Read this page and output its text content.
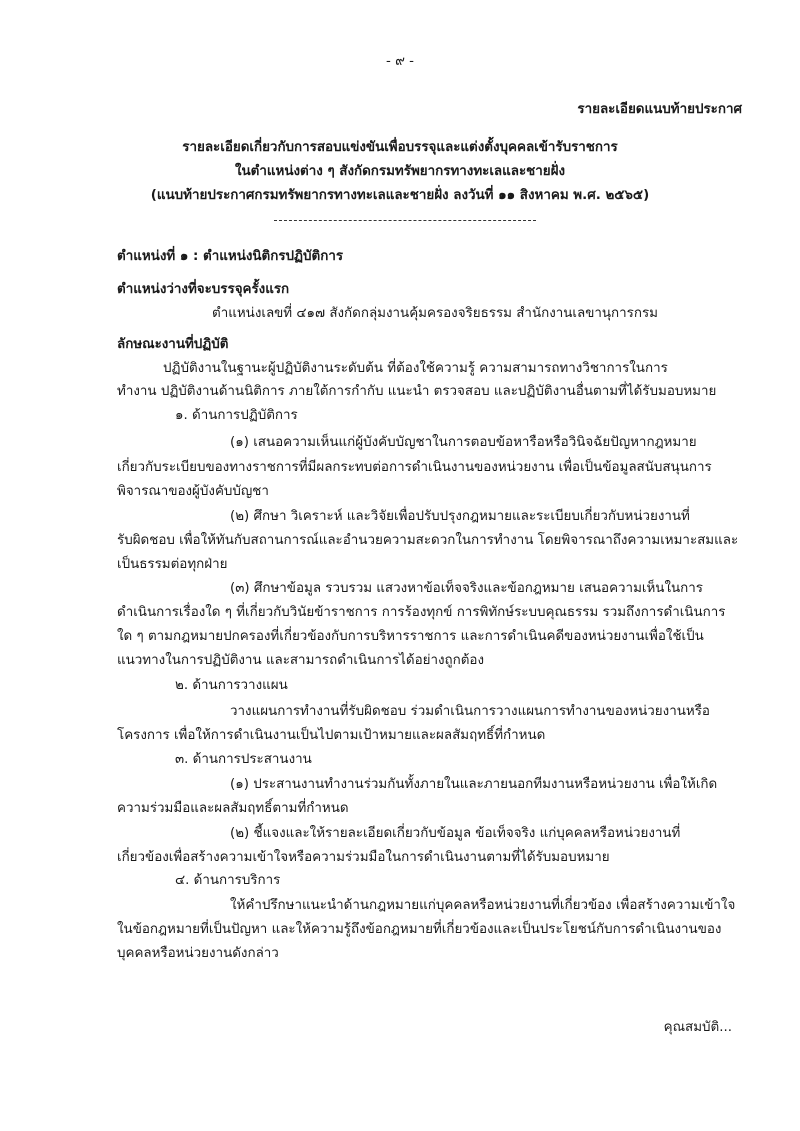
- ๙ -
รายละเอียดแนบท้ายประกาศ
รายละเอียดเกี่ยวกับการสอบแข่งขันเพื่อบรรจุและแต่งตั้งบุคคลเข้ารับราชการ
ในตำแหน่งต่าง ๆ สังกัดกรมทรัพยากรทางทะเลและชายฝั่ง
(แนบท้ายประกาศกรมทรัพยากรทางทะเลและชายฝั่ง ลงวันที่ ๑๑ สิงหาคม พ.ศ. ๒๕๖๕)
ตำแหน่งที่ ๑ : ตำแหน่งนิติกรปฏิบัติการ
ตำแหน่งว่างที่จะบรรจุครั้งแรก
ตำแหน่งเลขที่ ๔๑๗ สังกัดกลุ่มงานคุ้มครองจริยธรรม สำนักงานเลขานุการกรม
ลักษณะงานที่ปฏิบัติ
ปฏิบัติงานในฐานะผู้ปฏิบัติงานระดับต้น ที่ต้องใช้ความรู้ ความสามารถทางวิชาการในการ
ทำงาน ปฏิบัติงานด้านนิติการ ภายใต้การกำกับ แนะนำ ตรวจสอบ และปฏิบัติงานอื่นตามที่ได้รับมอบหมาย
๑. ด้านการปฏิบัติการ
(๑) เสนอความเห็นแก่ผู้บังคับบัญชาในการตอบข้อหารือหรือวินิจฉัยปัญหากฎหมาย
เกี่ยวกับระเบียบของทางราชการที่มีผลกระทบต่อการดำเนินงานของหน่วยงาน เพื่อเป็นข้อมูลสนับสนุนการ
พิจารณาของผู้บังคับบัญชา
(๒) ศึกษา วิเคราะห์ และวิจัยเพื่อปรับปรุงกฎหมายและระเบียบเกี่ยวกับหน่วยงานที่
รับผิดชอบ เพื่อให้ทันกับสถานการณ์และอำนวยความสะดวกในการทำงาน โดยพิจารณาถึงความเหมาะสมและ
เป็นธรรมต่อทุกฝ่าย
(๓) ศึกษาข้อมูล รวบรวม แสวงหาข้อเท็จจริงและข้อกฎหมาย เสนอความเห็นในการ
ดำเนินการเรื่องใด ๆ ที่เกี่ยวกับวินัยข้าราชการ การร้องทุกข์ การพิทักษ์ระบบคุณธรรม รวมถึงการดำเนินการ
ใด ๆ ตามกฎหมายปกครองที่เกี่ยวข้องกับการบริหารราชการ และการดำเนินคดีของหน่วยงานเพื่อใช้เป็น
แนวทางในการปฏิบัติงาน และสามารถดำเนินการได้อย่างถูกต้อง
๒. ด้านการวางแผน
วางแผนการทำงานที่รับผิดชอบ ร่วมดำเนินการวางแผนการทำงานของหน่วยงานหรือ
โครงการ เพื่อให้การดำเนินงานเป็นไปตามเป้าหมายและผลสัมฤทธิ์ที่กำหนด
๓. ด้านการประสานงาน
(๑) ประสานงานทำงานร่วมกันทั้งภายในและภายนอกทีมงานหรือหน่วยงาน เพื่อให้เกิด
ความร่วมมือและผลสัมฤทธิ์ตามที่กำหนด
(๒) ชี้แจงและให้รายละเอียดเกี่ยวกับข้อมูล ข้อเท็จจริง แก่บุคคลหรือหน่วยงานที่
เกี่ยวข้องเพื่อสร้างความเข้าใจหรือความร่วมมือในการดำเนินงานตามที่ได้รับมอบหมาย
๔. ด้านการบริการ
ให้คำปรึกษาแนะนำด้านกฎหมายแก่บุคคลหรือหน่วยงานที่เกี่ยวข้อง เพื่อสร้างความเข้าใจ
ในข้อกฎหมายที่เป็นปัญหา และให้ความรู้ถึงข้อกฎหมายที่เกี่ยวข้องและเป็นประโยชน์กับการดำเนินงานของ
บุคคลหรือหน่วยงานดังกล่าว
คุณสมบัติ...
